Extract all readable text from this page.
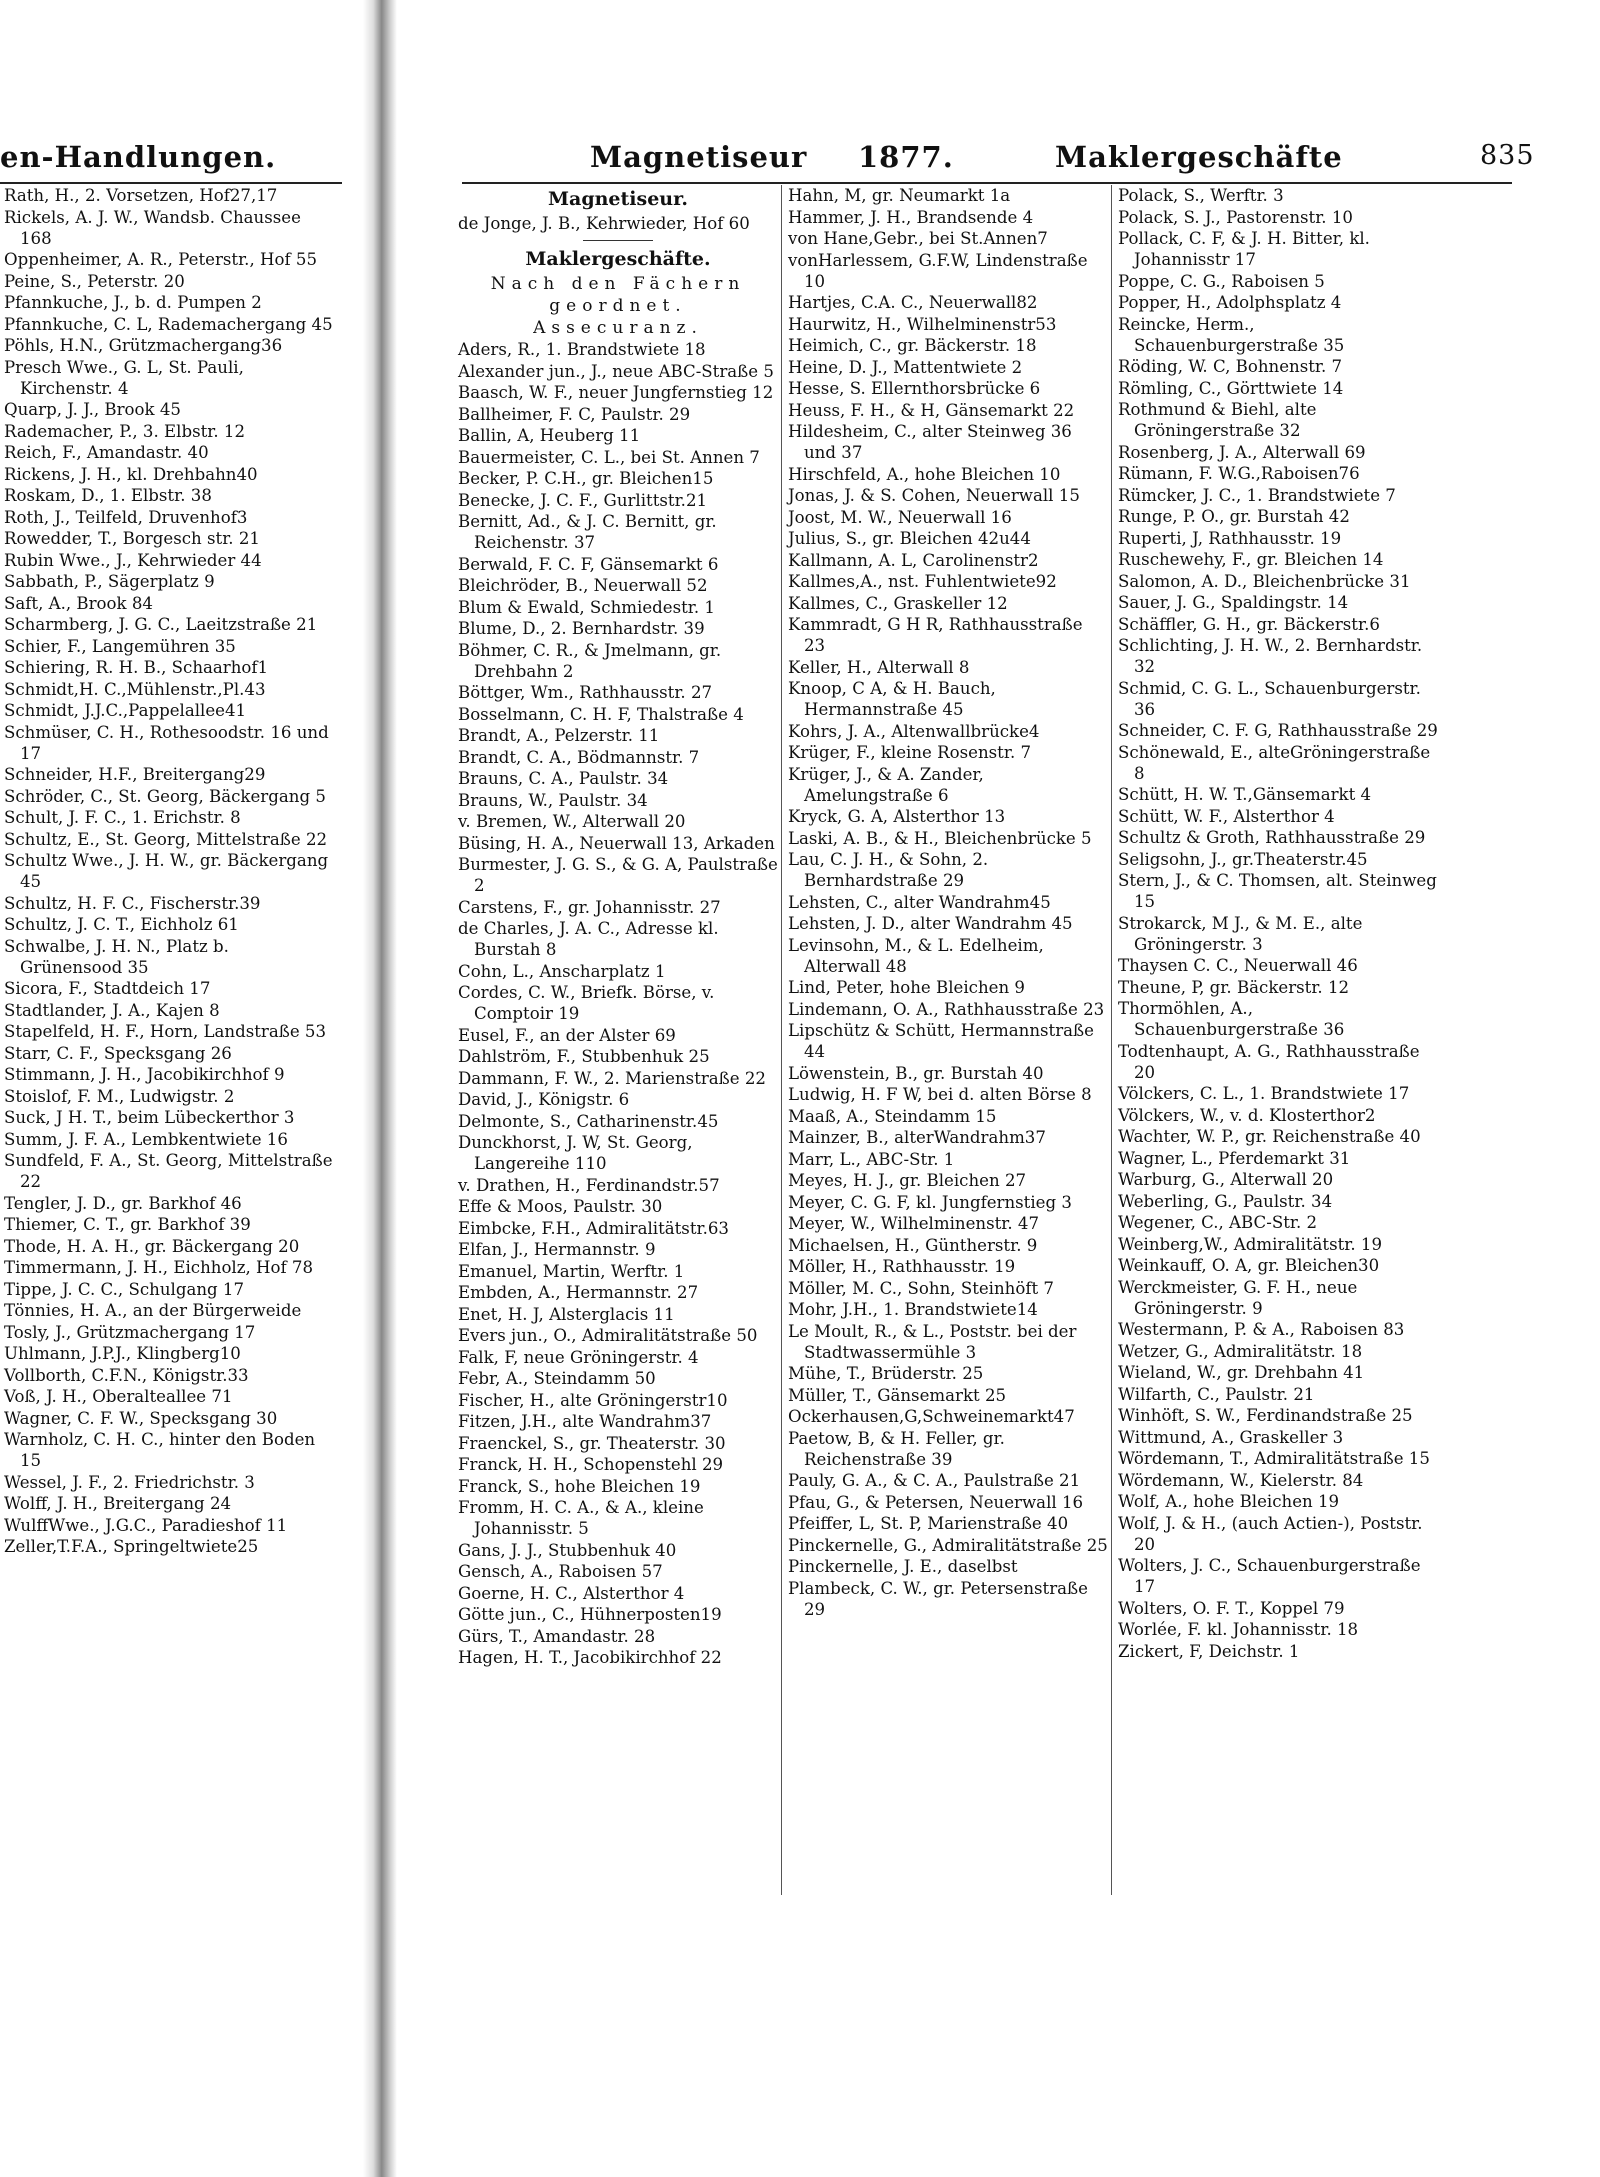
en-Handlungen.
Rath, H., 2. Vorsetzen, Hof27,17
Rickels, A. J. W., Wandsb. Chaussee 168
Oppenheimer, A. R., Peterstr., Hof 55
Peine, S., Peterstr. 20
Pfannkuche, J., b. d. Pumpen 2
Pfannkuche, C. L, Rademachergang 45
Pöhls, H.N., Grützmachergang36
Presch Wwe., G. L, St. Pauli, Kirchenstr. 4
Quarp, J. J., Brook 45
Rademacher, P., 3. Elbstr. 12
Reich, F., Amandastr. 40
Rickens, J. H., kl. Drehbahn40
Roskam, D., 1. Elbstr. 38
Roth, J., Teilfeld, Druvenhof3
Rowedder, T., Borgesch str. 21
Rubin Wwe., J., Kehrwieder 44
Sabbath, P., Sägerplatz 9
Saft, A., Brook 84
Scharmberg, J. G. C., Laeitzstraße 21
Schier, F., Langemühren 35
Schiering, R. H. B., Schaarhof1
Schmidt,H. C.,Mühlenstr.,Pl.43
Schmidt, J.J.C.,Pappelallee41
Schmüser, C. H., Rothesoodstr. 16 und 17
Schneider, H.F., Breitergang29
Schröder, C., St. Georg, Bäckergang 5
Schult, J. F. C., 1. Erichstr. 8
Schultz, E., St. Georg, Mittelstraße 22
Schultz Wwe., J. H. W., gr. Bäckergang 45
Schultz, H. F. C., Fischerstr.39
Schultz, J. C. T., Eichholz 61
Schwalbe, J. H. N., Platz b. Grünensood 35
Sicora, F., Stadtdeich 17
Stadtlander, J. A., Kajen 8
Stapelfeld, H. F., Horn, Landstraße 53
Starr, C. F., Specksgang 26
Stimmann, J. H., Jacobikirchhof 9
Stoislof, F. M., Ludwigstr. 2
Suck, J H. T., beim Lübeckerthor 3
Summ, J. F. A., Lembkentwiete 16
Sundfeld, F. A., St. Georg, Mittelstraße 22
Tengler, J. D., gr. Barkhof 46
Thiemer, C. T., gr. Barkhof 39
Thode, H. A. H., gr. Bäckergang 20
Timmermann, J. H., Eichholz, Hof 78
Tippe, J. C. C., Schulgang 17
Tönnies, H. A., an der Bürgerweide
Tosly, J., Grützmachergang 17
Uhlmann, J.P.J., Klingberg10
Vollborth, C.F.N., Königstr.33
Voß, J. H., Oberalteallee 71
Wagner, C. F. W., Specksgang 30
Warnholz, C. H. C., hinter den Boden 15
Wessel, J. F., 2. Friedrichstr. 3
Wolff, J. H., Breitergang 24
WulffWwe., J.G.C., Paradieshof 11
Zeller,T.F.A., Springeltwiete25
Magnetiseur 1877.	Maklergeschäfte	835
Magnetiseur.
de Jonge, J. B., Kehrwieder, Hof 60
Maklergeschäfte.
Nach den Fächern
geordnet.
Assecuranz.
Aders, R., 1. Brandstwiete 18
Alexander jun., J., neue ABC-Straße 5
Baasch, W. F., neuer Jungfernstieg 12
Ballheimer, F. C, Paulstr. 29
Ballin, A, Heuberg 11
Bauermeister, C. L., bei St. Annen 7
Becker, P. C.H., gr. Bleichen15
Benecke, J. C. F., Gurlittstr.21
Bernitt, Ad., & J. C. Bernitt, gr. Reichenstr. 37
Berwald, F. C. F, Gänsemarkt 6
Bleichröder, B., Neuerwall 52
Blum & Ewald, Schmiedestr. 1
Blume, D., 2. Bernhardstr. 39
Böhmer, C. R., & Jmelmann, gr. Drehbahn 2
Böttger, Wm., Rathhausstr. 27
Bosselmann, C. H. F, Thalstraße 4
Brandt, A., Pelzerstr. 11
Brandt, C. A., Bödmannstr. 7
Brauns, C. A., Paulstr. 34
Brauns, W., Paulstr. 34
v. Bremen, W., Alterwall 20
Büsing, H. A., Neuerwall 13, Arkaden
Burmester, J. G. S., & G. A, Paulstraße 2
Carstens, F., gr. Johannisstr. 27
de Charles, J. A. C., Adresse kl. Burstah 8
Cohn, L., Anscharplatz 1
Cordes, C. W., Briefk. Börse, v. Comptoir 19
Eusel, F., an der Alster 69
Dahlström, F., Stubbenhuk 25
Dammann, F. W., 2. Marienstraße 22
David, J., Königstr. 6
Delmonte, S., Catharinenstr.45
Dunckhorst, J. W, St. Georg, Langereihe 110
v. Drathen, H., Ferdinandstr.57
Effe & Moos, Paulstr. 30
Eimbcke, F.H., Admiralitätstr.63
Elfan, J., Hermannstr. 9
Emanuel, Martin, Werftr. 1
Embden, A., Hermannstr. 27
Enet, H. J, Alsterglacis 11
Evers jun., O., Admiralitätstraße 50
Falk, F, neue Gröningerstr. 4
Febr, A., Steindamm 50
Fischer, H., alte Gröningerstr10
Fitzen, J.H., alte Wandrahm37
Fraenckel, S., gr. Theaterstr. 30
Franck, H. H., Schopenstehl 29
Franck, S., hohe Bleichen 19
Fromm, H. C. A., & A., kleine Johannisstr. 5
Gans, J. J., Stubbenhuk 40
Gensch, A., Raboisen 57
Goerne, H. C., Alsterthor 4
Götte jun., C., Hühnerposten19
Gürs, T., Amandastr. 28
Hagen, H. T., Jacobikirchhof 22
Hahn, M, gr. Neumarkt 1a
Hammer, J. H., Brandsende 4
von Hane,Gebr., bei St.Annen7
vonHarlessem, G.F.W, Lindenstraße 10
Hartjes, C.A. C., Neuerwall82
Haurwitz, H., Wilhelminenstr53
Heimich, C., gr. Bäckerstr. 18
Heine, D. J., Mattentwiete 2
Hesse, S. Ellernthorsbrücke 6
Heuss, F. H., & H, Gänsemarkt 22
Hildesheim, C., alter Steinweg 36 und 37
Hirschfeld, A., hohe Bleichen 10
Jonas, J. & S. Cohen, Neuerwall 15
Joost, M. W., Neuerwall 16
Julius, S., gr. Bleichen 42u44
Kallmann, A. L, Carolinenstr2
Kallmes,A., nst. Fuhlentwiete92
Kallmes, C., Graskeller 12
Kammradt, G H R, Rathhausstraße 23
Keller, H., Alterwall 8
Knoop, C A, & H. Bauch, Hermannstraße 45
Kohrs, J. A., Altenwallbrücke4
Krüger, F., kleine Rosenstr. 7
Krüger, J., & A. Zander, Amelungstraße 6
Kryck, G. A, Alsterthor 13
Laski, A. B., & H., Bleichenbrücke 5
Lau, C. J. H., & Sohn, 2. Bernhardstraße 29
Lehsten, C., alter Wandrahm45
Lehsten, J. D., alter Wandrahm 45
Levinsohn, M., & L. Edelheim, Alterwall 48
Lind, Peter, hohe Bleichen 9
Lindemann, O. A., Rathhausstraße 23
Lipschütz & Schütt, Hermannstraße 44
Löwenstein, B., gr. Burstah 40
Ludwig, H. F W, bei d. alten Börse 8
Maaß, A., Steindamm 15
Mainzer, B., alterWandrahm37
Marr, L., ABC-Str. 1
Meyes, H. J., gr. Bleichen 27
Meyer, C. G. F, kl. Jungfernstieg 3
Meyer, W., Wilhelminenstr. 47
Michaelsen, H., Güntherstr. 9
Möller, H., Rathhausstr. 19
Möller, M. C., Sohn, Steinhöft 7
Mohr, J.H., 1. Brandstwiete14
Le Moult, R., & L., Poststr. bei der Stadtwassermühle 3
Mühe, T., Brüderstr. 25
Müller, T., Gänsemarkt 25
Ockerhausen,G,Schweinemarkt47
Paetow, B, & H. Feller, gr. Reichenstraße 39
Pauly, G. A., & C. A., Paulstraße 21
Pfau, G., & Petersen, Neuerwall 16
Pfeiffer, L, St. P, Marienstraße 40
Pinckernelle, G., Admiralitätstraße 25
Pinckernelle, J. E., daselbst
Plambeck, C. W., gr. Petersenstraße 29
Polack, S., Werftr. 3
Polack, S. J., Pastorenstr. 10
Pollack, C. F, & J. H. Bitter, kl. Johannisstr 17
Poppe, C. G., Raboisen 5
Popper, H., Adolphsplatz 4
Reincke, Herm., Schauenburgerstraße 35
Röding, W. C, Bohnenstr. 7
Römling, C., Görttwiete 14
Rothmund & Biehl, alte Gröningerstraße 32
Rosenberg, J. A., Alterwall 69
Rümann, F. W.G.,Raboisen76
Rümcker, J. C., 1. Brandstwiete 7
Runge, P. O., gr. Burstah 42
Ruperti, J, Rathhausstr. 19
Ruschewehy, F., gr. Bleichen 14
Salomon, A. D., Bleichenbrücke 31
Sauer, J. G., Spaldingstr. 14
Schäffler, G. H., gr. Bäckerstr.6
Schlichting, J. H. W., 2. Bernhardstr. 32
Schmid, C. G. L., Schauenburgerstr. 36
Schneider, C. F. G, Rathhausstraße 29
Schönewald, E., alteGröningerstraße 8
Schütt, H. W. T.,Gänsemarkt 4
Schütt, W. F., Alsterthor 4
Schultz & Groth, Rathhausstraße 29
Seligsohn, J., gr.Theaterstr.45
Stern, J., & C. Thomsen, alt. Steinweg 15
Strokarck, M J., & M. E., alte Gröningerstr. 3
Thaysen C. C., Neuerwall 46
Theune, P, gr. Bäckerstr. 12
Thormöhlen, A., Schauenburgerstraße 36
Todtenhaupt, A. G., Rathhausstraße 20
Völckers, C. L., 1. Brandstwiete 17
Völckers, W., v. d. Klosterthor2
Wachter, W. P., gr. Reichenstraße 40
Wagner, L., Pferdemarkt 31
Warburg, G., Alterwall 20
Weberling, G., Paulstr. 34
Wegener, C., ABC-Str. 2
Weinberg,W., Admiralitätstr. 19
Weinkauff, O. A, gr. Bleichen30
Werckmeister, G. F. H., neue Gröningerstr. 9
Westermann, P. & A., Raboisen 83
Wetzer, G., Admiralitätstr. 18
Wieland, W., gr. Drehbahn 41
Wilfarth, C., Paulstr. 21
Winhöft, S. W., Ferdinandstraße 25
Wittmund, A., Graskeller 3
Wördemann, T., Admiralitätstraße 15
Wördemann, W., Kielerstr. 84
Wolf, A., hohe Bleichen 19
Wolf, J. & H., (auch Actien-), Poststr. 20
Wolters, J. C., Schauenburgerstraße 17
Wolters, O. F. T., Koppel 79
Worlée, F. kl. Johannisstr. 18
Zickert, F, Deichstr. 1
